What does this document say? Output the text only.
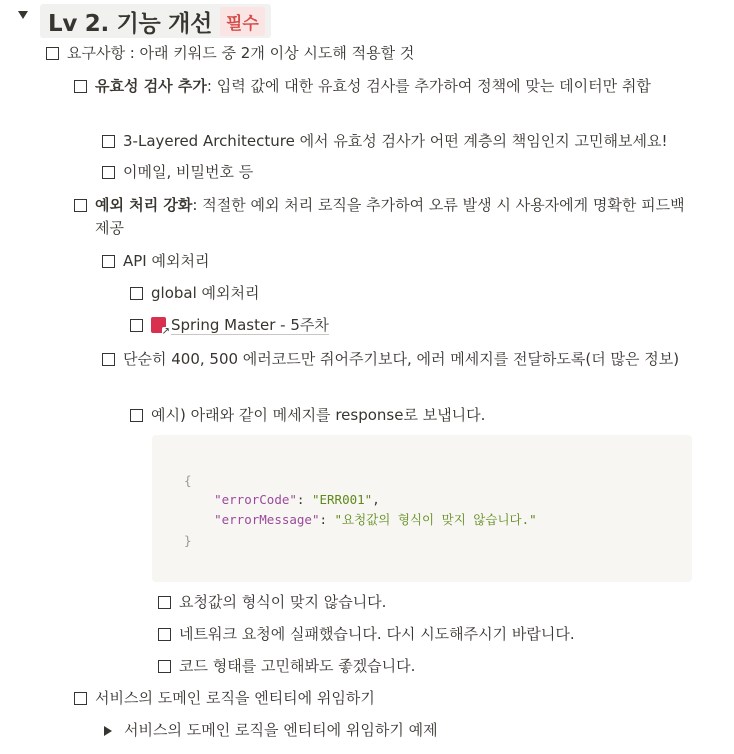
Lv 2. 기능 개선 필수
요구사항 : 아래 키워드 중 2개 이상 시도해 적용할 것
유효성 검사 추가: 입력 값에 대한 유효성 검사를 추가하여 정책에 맞는 데이터만 취합
3-Layered Architecture 에서 유효성 검사가 어떤 계층의 책임인지 고민해보세요!
이메일, 비밀번호 등
예외 처리 강화: 적절한 예외 처리 로직을 추가하여 오류 발생 시 사용자에게 명확한 피드백 제공
API 예외처리
global 예외처리
↗Spring Master - 5주차
단순히 400, 500 에러코드만 쥐어주기보다, 에러 메세지를 전달하도록(더 많은 정보)
예시) 아래와 같이 메세지를 response로 보냅니다.
{
"errorCode": "ERR001",
"errorMessage": "요청값의 형식이 맞지 않습니다."
}
요청값의 형식이 맞지 않습니다.
네트워크 요청에 실패했습니다. 다시 시도해주시기 바랍니다.
코드 형태를 고민해봐도 좋겠습니다.
서비스의 도메인 로직을 엔티티에 위임하기
서비스의 도메인 로직을 엔티티에 위임하기 예제
